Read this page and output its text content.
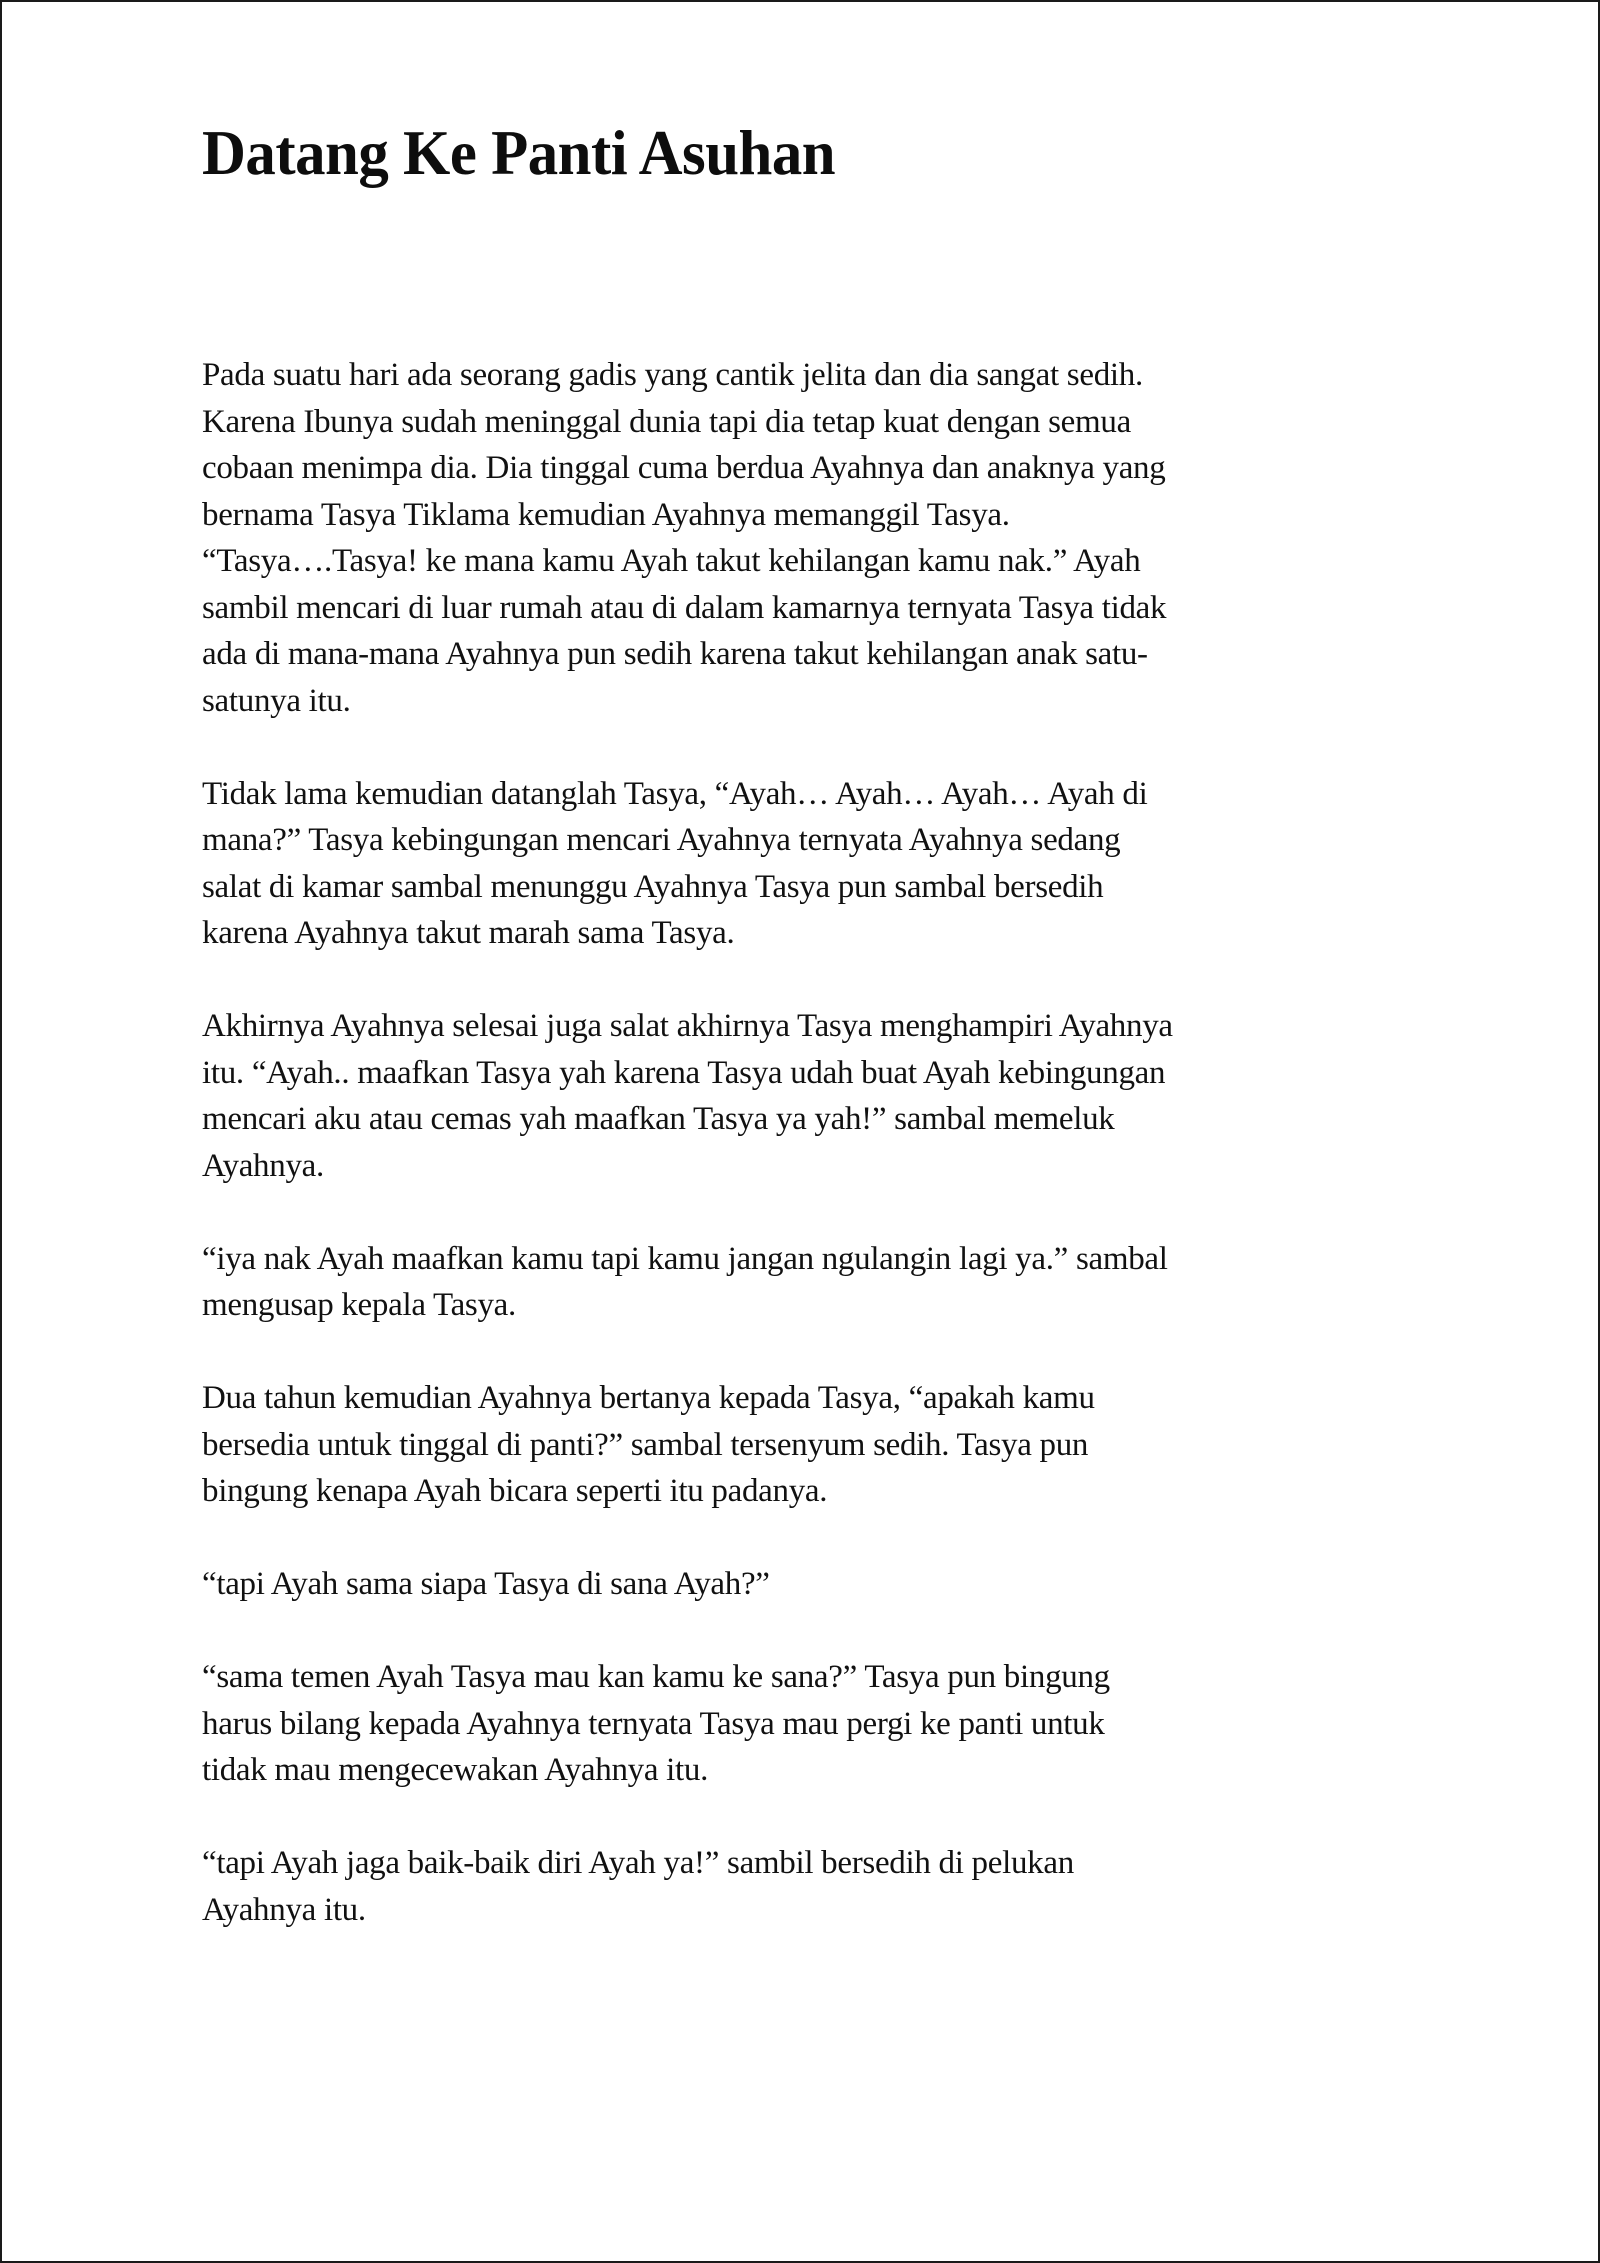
Datang Ke Panti Asuhan

Pada suatu hari ada seorang gadis yang cantik jelita dan dia sangat sedih.
Karena Ibunya sudah meninggal dunia tapi dia tetap kuat dengan semua
cobaan menimpa dia. Dia tinggal cuma berdua Ayahnya dan anaknya yang
bernama Tasya Tiklama kemudian Ayahnya memanggil Tasya.
“Tasya….Tasya! ke mana kamu Ayah takut kehilangan kamu nak.” Ayah
sambil mencari di luar rumah atau di dalam kamarnya ternyata Tasya tidak
ada di mana-mana Ayahnya pun sedih karena takut kehilangan anak satu-
satunya itu.

Tidak lama kemudian datanglah Tasya, “Ayah… Ayah… Ayah… Ayah di
mana?” Tasya kebingungan mencari Ayahnya ternyata Ayahnya sedang
salat di kamar sambal menunggu Ayahnya Tasya pun sambal bersedih
karena Ayahnya takut marah sama Tasya.

Akhirnya Ayahnya selesai juga salat akhirnya Tasya menghampiri Ayahnya
itu. “Ayah.. maafkan Tasya yah karena Tasya udah buat Ayah kebingungan
mencari aku atau cemas yah maafkan Tasya ya yah!” sambal memeluk
Ayahnya.

“iya nak Ayah maafkan kamu tapi kamu jangan ngulangin lagi ya.” sambal
mengusap kepala Tasya.

Dua tahun kemudian Ayahnya bertanya kepada Tasya, “apakah kamu
bersedia untuk tinggal di panti?” sambal tersenyum sedih. Tasya pun
bingung kenapa Ayah bicara seperti itu padanya.

“tapi Ayah sama siapa Tasya di sana Ayah?”

“sama temen Ayah Tasya mau kan kamu ke sana?” Tasya pun bingung
harus bilang kepada Ayahnya ternyata Tasya mau pergi ke panti untuk
tidak mau mengecewakan Ayahnya itu.

“tapi Ayah jaga baik-baik diri Ayah ya!” sambil bersedih di pelukan
Ayahnya itu.
